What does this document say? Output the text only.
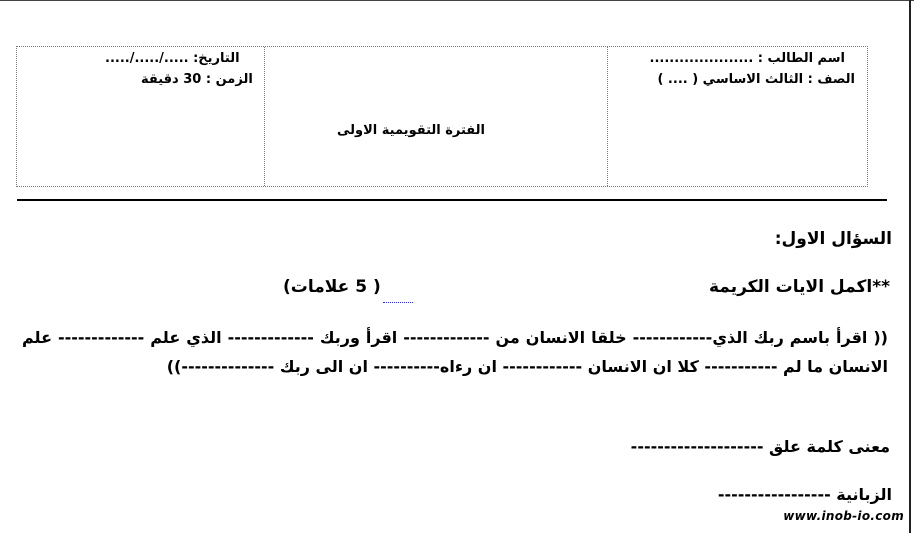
اسم الطالب : .....................
الصف : الثالث الاساسي ( .... )
الفترة التقويمية الاولى
التاريخ: ...../...../.....
الزمن : 30 دقيقة
السؤال الاول:
**اكمل الايات الكريمة
( 5 علامات)
(( اقرأ باسم ربك الذي------------ خلقا الانسان من ------------- اقرأ وربك ------------- الذي علم ------------- علم الانسان ما لم ----------- كلا ان الانسان ------------ ان رءاه---------- ان الى ربك --------------))
معنى كلمة علق --------------------
الزبانية -----------------
www.inob-io.com
